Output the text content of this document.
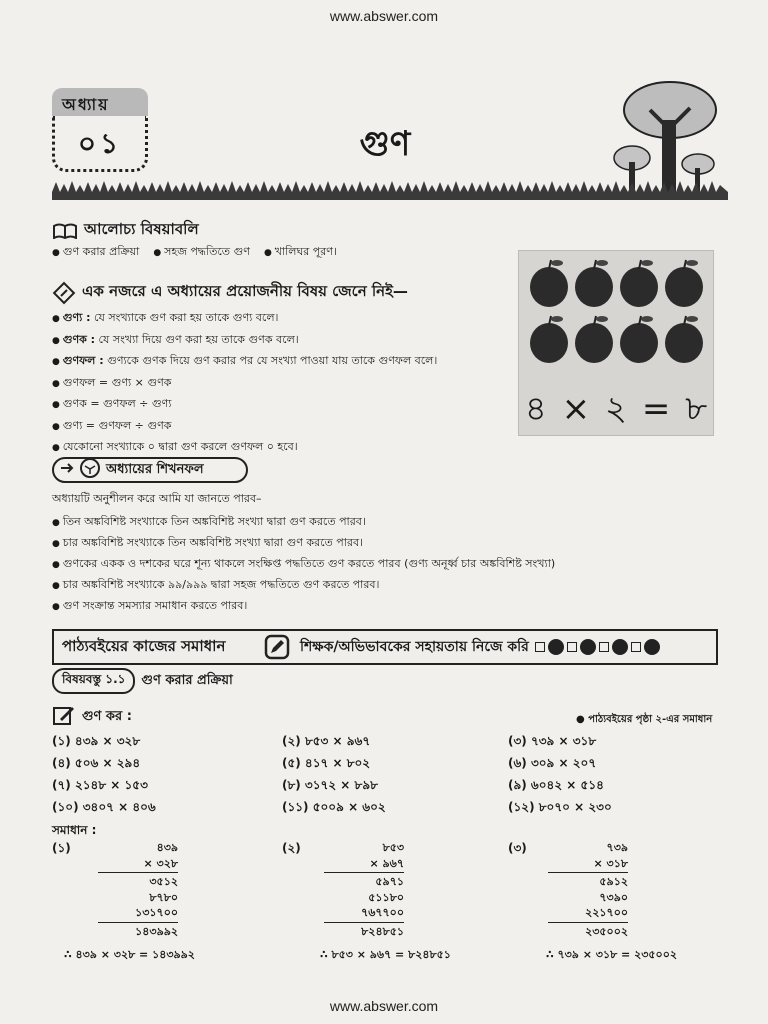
www.abswer.com
অধ্যায়
০১	গুণ
আলোচ্য বিষয়াবলি
● গুণ করার প্রক্রিয়া	● সহজ পদ্ধতিতে গুণ	● খালিঘর পূরণ।
এক নজরে এ অধ্যায়ের প্রয়োজনীয় বিষয় জেনে নিই—
● গুণ্য : যে সংখ্যাকে গুণ করা হয় তাকে গুণ্য বলে।
● গুণক : যে সংখ্যা দিয়ে গুণ করা হয় তাকে গুণক বলে।
● গুণফল : গুণ্যকে গুণক দিয়ে গুণ করার পর যে সংখ্যা পাওয়া যায় তাকে গুণফল বলে।
● গুণফল = গুণ্য × গুণক
● গুণক = গুণফল ÷ গুণ্য
● গুণ্য = গুণফল ÷ গুণক
● যেকোনো সংখ্যাকে ০ দ্বারা গুণ করলে গুণফল ০ হবে।
৪ × ২ = ৮
অধ্যায়ের শিখনফল
অধ্যায়টি অনুশীলন করে আমি যা জানতে পারব–
● তিন অঙ্কবিশিষ্ট সংখ্যাকে তিন অঙ্কবিশিষ্ট সংখ্যা দ্বারা গুণ করতে পারব।
● চার অঙ্কবিশিষ্ট সংখ্যাকে তিন অঙ্কবিশিষ্ট সংখ্যা দ্বারা গুণ করতে পারব।
● গুণকের একক ও দশকের ঘরে শূন্য থাকলে সংক্ষিপ্ত পদ্ধতিতে গুণ করতে পারব (গুণ্য অনূর্ধ্ব চার অঙ্কবিশিষ্ট সংখ্যা)
● চার অঙ্কবিশিষ্ট সংখ্যাকে ৯৯/৯৯৯ দ্বারা সহজ পদ্ধতিতে গুণ করতে পারব।
● গুণ সংক্রান্ত সমস্যার সমাধান করতে পারব।
পাঠ্যবইয়ের কাজের সমাধান	শিক্ষক/অভিভাবকের সহায়তায় নিজে করি
বিষয়বস্তু ১.১	গুণ করার প্রক্রিয়া
গুণ কর :	● পাঠ্যবইয়ের পৃষ্ঠা ২-এর সমাধান
(১) ৪৩৯ × ৩২৮	(২) ৮৫৩ × ৯৬৭	(৩) ৭৩৯ × ৩১৮
(৪) ৫০৬ × ২৯৪	(৫) ৪১৭ × ৮০২	(৬) ৩০৯ × ২০৭
(৭) ২১৪৮ × ১৫৩	(৮) ৩১৭২ × ৮৯৮	(৯) ৬০৪২ × ৫১৪
(১০) ৩৪০৭ × ৪০৬	(১১) ৫০০৯ × ৬০২	(১২) ৮০৭০ × ২৩০
সমাধান :
(১)	৪৩৯
× ৩২৮
৩৫১২
৮৭৮০
১৩১৭০০
১৪৩৯৯২
∴ ৪৩৯ × ৩২৮ = ১৪৩৯৯২
(২)	৮৫৩
× ৯৬৭
৫৯৭১
৫১১৮০
৭৬৭৭০০
৮২৪৮৫১
∴ ৮৫৩ × ৯৬৭ = ৮২৪৮৫১
(৩)	৭৩৯
× ৩১৮
৫৯১২
৭৩৯০
২২১৭০০
২৩৫০০২
∴ ৭৩৯ × ৩১৮ = ২৩৫০০২
www.abswer.com
